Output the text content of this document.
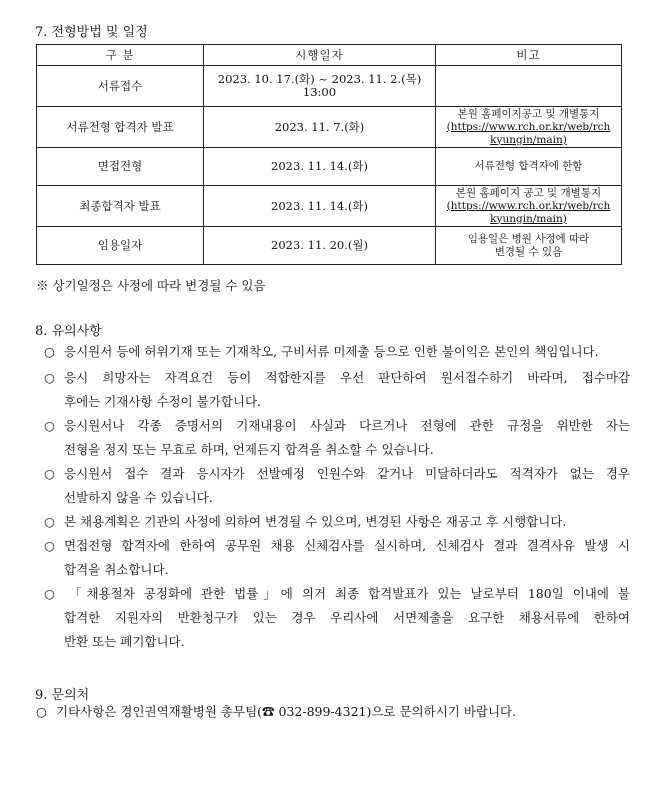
7. 전형방법 및 일정
구 분	시행일자	비고
서류접수	2023. 10. 17.(화) ~ 2023. 11. 2.(목) 13:00	
서류전형 합격자 발표	2023. 11. 7.(화)	본원 홈페이지공고 및 개별통지
(https://www.rch.or.kr/web/rch
kyungin/main)

면접전형	2023. 11. 14.(화)	서류전형 합격자에 한함
최종합격자 발표	2023. 11. 14.(화)	본원 홈페이지 공고 및 개별통지
(https://www.rch.or.kr/web/rch
kyungin/main)

임용일자	2023. 11. 20.(월)	임용일은 병원 사정에 따라
변경될 수 있음
※ 상기일정은 사정에 따라 변경될 수 있음
8. 유의사항
○ 응시원서 등에 허위기재 또는 기재착오, 구비서류 미제출 등으로 인한 불이익은 본인의 책임입니다.
○ 응시 희망자는 자격요건 등이 적합한지를 우선 판단하여 원서접수하기 바라며, 접수마감
후에는 기재사항 수정이 불가합니다.
○ 응시원서나 각종 증명서의 기재내용이 사실과 다르거나 전형에 관한 규정을 위반한 자는
전형을 정지 또는 무효로 하며, 언제든지 합격을 취소할 수 있습니다.
○ 응시원서 접수 결과 응시자가 선발예정 인원수와 같거나 미달하더라도 적격자가 없는 경우
선발하지 않을 수 있습니다.
○ 본 채용계획은 기관의 사정에 의하여 변경될 수 있으며, 변경된 사항은 재공고 후 시행합니다.
○ 면접전형 합격자에 한하여 공무원 채용 신체검사를 실시하며, 신체검사 결과 결격사유 발생 시
합격을 취소합니다.
○ 「채용절차 공정화에 관한 법률」에 의거 최종 합격발표가 있는 날로부터 180일 이내에 불
합격한 지원자의 반환청구가 있는 경우 우리사에 서면제출을 요구한 채용서류에 한하여
반환 또는 폐기합니다.
9. 문의처
○ 기타사항은 경인권역재활병원 총무팀(☎ 032-899-4321)으로 문의하시기 바랍니다.
